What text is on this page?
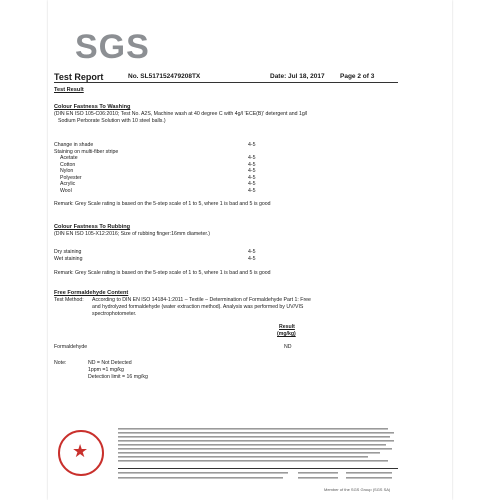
SGS
Test Report	No. SL517152479208TX	Date: Jul 18, 2017 Page 2 of 3
Test Result
Colour Fastness To Washing
(DIN EN ISO 105-C06:2010; Test No. A2S, Machine wash at 40 degree C with 4g/l 'ECE(B)' detergent and 1g/l
Sodium Perborate Solution with 10 steel balls.)
Change in shade	4-5
Staining on multi-fiber stripe
Acetate	4-5
Cotton	4-5
Nylon	4-5
Polyester	4-5
Acrylic	4-5
Wool	4-5
Remark: Grey Scale rating is based on the 5-step scale of 1 to 5, where 1 is bad and 5 is good
Colour Fastness To Rubbing
(DIN EN ISO 105-X12:2016; Size of rubbing finger:16mm diameter.)
Dry staining	4-5
Wet staining	4-5
Remark: Grey Scale rating is based on the 5-step scale of 1 to 5, where 1 is bad and 5 is good
Free Formaldehyde Content
Test Method: According to DIN EN ISO 14184-1:2011 – Textile – Determination of Formaldehyde Part 1: Free
and hydrolyzed formaldehyde (water extraction method). Analysis was performed by UV/VIS
spectrophotometer.
Result
(mg/kg)
Formaldehyde	ND
Note:	ND = Not Detected
1ppm =1 mg/kg
Detection limit = 16 mg/kg
★
Member of the SGS Group (SGS SA)
